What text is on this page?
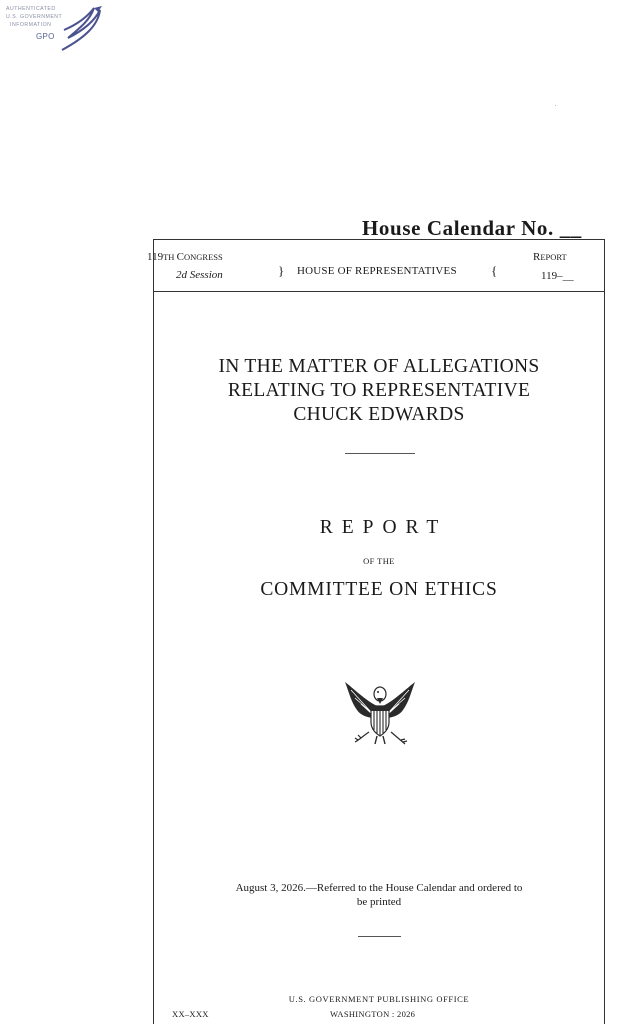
AUTHENTICATED
U.S. GOVERNMENT
INFORMATION
GPO
House Calendar No. __
119TH  CONGRESS
2d Session	} HOUSE OF REPRESENTATIVES	{
REPORT
119–__
IN THE MATTER OF ALLEGATIONS
RELATING TO REPRESENTATIVE
CHUCK EDWARDS
REPORT
OF THE
COMMITTEE ON ETHICS
August 3, 2026.—Referred to the House Calendar and ordered to
be printed
U.S. GOVERNMENT PUBLISHING OFFICE
XX–XXX	WASHINGTON : 2026
